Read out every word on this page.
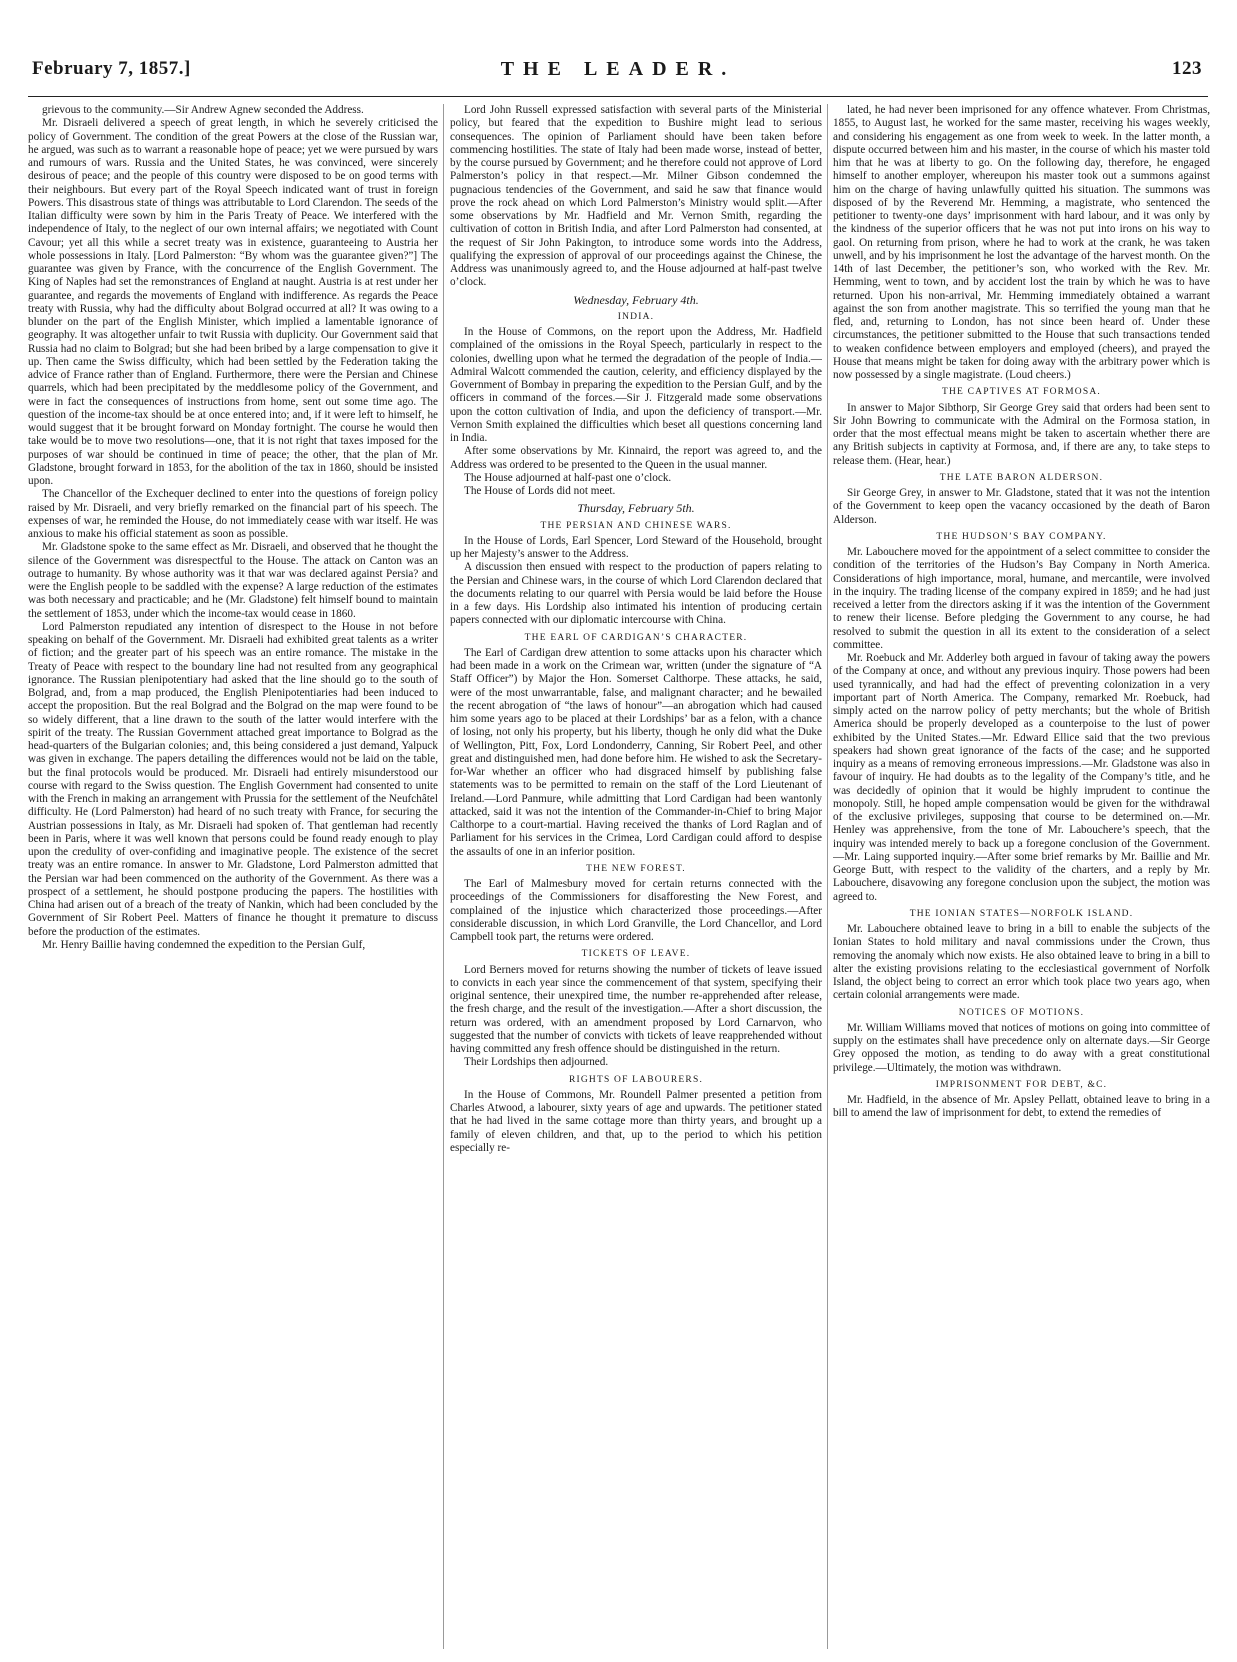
February 7, 1857.]	THE LEADER.	123

grievous to the community.—Sir Andrew Agnew seconded the Address.

Mr. Disraeli delivered a speech of great length, in which he severely criticised the policy of Government. The condition of the great Powers at the close of the Russian war, he argued, was such as to warrant a reasonable hope of peace; yet we were pursued by wars and rumours of wars. Russia and the United States, he was convinced, were sincerely desirous of peace; and the people of this country were disposed to be on good terms with their neighbours. But every part of the Royal Speech indicated want of trust in foreign Powers. This disastrous state of things was attributable to Lord Clarendon. The seeds of the Italian difficulty were sown by him in the Paris Treaty of Peace. We interfered with the independence of Italy, to the neglect of our own internal affairs; we negotiated with Count Cavour; yet all this while a secret treaty was in existence, guaranteeing to Austria her whole possessions in Italy. [Lord Palmerston: “By whom was the guarantee given?”] The guarantee was given by France, with the concurrence of the English Government. The King of Naples had set the remonstrances of England at naught. Austria is at rest under her guarantee, and regards the movements of England with indifference. As regards the Peace treaty with Russia, why had the difficulty about Bolgrad occurred at all? It was owing to a blunder on the part of the English Minister, which implied a lamentable ignorance of geography. It was altogether unfair to twit Russia with duplicity. Our Government said that Russia had no claim to Bolgrad; but she had been bribed by a large compensation to give it up. Then came the Swiss difficulty, which had been settled by the Federation taking the advice of France rather than of England. Furthermore, there were the Persian and Chinese quarrels, which had been precipitated by the meddlesome policy of the Government, and were in fact the consequences of instructions from home, sent out some time ago. The question of the income-tax should be at once entered into; and, if it were left to himself, he would suggest that it be brought forward on Monday fortnight. The course he would then take would be to move two resolutions—one, that it is not right that taxes imposed for the purposes of war should be continued in time of peace; the other, that the plan of Mr. Gladstone, brought forward in 1853, for the abolition of the tax in 1860, should be insisted upon.

The Chancellor of the Exchequer declined to enter into the questions of foreign policy raised by Mr. Disraeli, and very briefly remarked on the financial part of his speech. The expenses of war, he reminded the House, do not immediately cease with war itself. He was anxious to make his official statement as soon as possible.

Mr. Gladstone spoke to the same effect as Mr. Disraeli, and observed that he thought the silence of the Government was disrespectful to the House. The attack on Canton was an outrage to humanity. By whose authority was it that war was declared against Persia? and were the English people to be saddled with the expense? A large reduction of the estimates was both necessary and practicable; and he (Mr. Gladstone) felt himself bound to maintain the settlement of 1853, under which the income-tax would cease in 1860.

Lord Palmerston repudiated any intention of disrespect to the House in not before speaking on behalf of the Government. Mr. Disraeli had exhibited great talents as a writer of fiction; and the greater part of his speech was an entire romance. The mistake in the Treaty of Peace with respect to the boundary line had not resulted from any geographical ignorance. The Russian plenipotentiary had asked that the line should go to the south of Bolgrad, and, from a map produced, the English Plenipotentiaries had been induced to accept the proposition. But the real Bolgrad and the Bolgrad on the map were found to be so widely different, that a line drawn to the south of the latter would interfere with the spirit of the treaty. The Russian Government attached great importance to Bolgrad as the head-quarters of the Bulgarian colonies; and, this being considered a just demand, Yalpuck was given in exchange. The papers detailing the differences would not be laid on the table, but the final protocols would be produced. Mr. Disraeli had entirely misunderstood our course with regard to the Swiss question. The English Government had consented to unite with the French in making an arrangement with Prussia for the settlement of the Neufchâtel difficulty. He (Lord Palmerston) had heard of no such treaty with France, for securing the Austrian possessions in Italy, as Mr. Disraeli had spoken of. That gentleman had recently been in Paris, where it was well known that persons could be found ready enough to play upon the credulity of over-confiding and imaginative people. The existence of the secret treaty was an entire romance. In answer to Mr. Gladstone, Lord Palmerston admitted that the Persian war had been commenced on the authority of the Government. As there was a prospect of a settlement, he should postpone producing the papers. The hostilities with China had arisen out of a breach of the treaty of Nankin, which had been concluded by the Government of Sir Robert Peel. Matters of finance he thought it premature to discuss before the production of the estimates.

Mr. Henry Baillie having condemned the expedition to the Persian Gulf,

Lord John Russell expressed satisfaction with several parts of the Ministerial policy, but feared that the expedition to Bushire might lead to serious consequences. The opinion of Parliament should have been taken before commencing hostilities. The state of Italy had been made worse, instead of better, by the course pursued by Government; and he therefore could not approve of Lord Palmerston’s policy in that respect.—Mr. Milner Gibson condemned the pugnacious tendencies of the Government, and said he saw that finance would prove the rock ahead on which Lord Palmerston’s Ministry would split.—After some observations by Mr. Hadfield and Mr. Vernon Smith, regarding the cultivation of cotton in British India, and after Lord Palmerston had consented, at the request of Sir John Pakington, to introduce some words into the Address, qualifying the expression of approval of our proceedings against the Chinese, the Address was unanimously agreed to, and the House adjourned at half-past twelve o’clock.

Wednesday, February 4th.

INDIA.

In the House of Commons, on the report upon the Address, Mr. Hadfield complained of the omissions in the Royal Speech, particularly in respect to the colonies, dwelling upon what he termed the degradation of the people of India.—Admiral Walcott commended the caution, celerity, and efficiency displayed by the Government of Bombay in preparing the expedition to the Persian Gulf, and by the officers in command of the forces.—Sir J. Fitzgerald made some observations upon the cotton cultivation of India, and upon the deficiency of transport.—Mr. Vernon Smith explained the difficulties which beset all questions concerning land in India.

After some observations by Mr. Kinnaird, the report was agreed to, and the Address was ordered to be presented to the Queen in the usual manner.

The House adjourned at half-past one o’clock.

The House of Lords did not meet.

Thursday, February 5th.

THE PERSIAN AND CHINESE WARS.

In the House of Lords, Earl Spencer, Lord Steward of the Household, brought up her Majesty’s answer to the Address.

A discussion then ensued with respect to the production of papers relating to the Persian and Chinese wars, in the course of which Lord Clarendon declared that the documents relating to our quarrel with Persia would be laid before the House in a few days. His Lordship also intimated his intention of producing certain papers connected with our diplomatic intercourse with China.

THE EARL OF CARDIGAN’S CHARACTER.

The Earl of Cardigan drew attention to some attacks upon his character which had been made in a work on the Crimean war, written (under the signature of “A Staff Officer”) by Major the Hon. Somerset Calthorpe. These attacks, he said, were of the most unwarrantable, false, and malignant character; and he bewailed the recent abrogation of “the laws of honour”—an abrogation which had caused him some years ago to be placed at their Lordships’ bar as a felon, with a chance of losing, not only his property, but his liberty, though he only did what the Duke of Wellington, Pitt, Fox, Lord Londonderry, Canning, Sir Robert Peel, and other great and distinguished men, had done before him. He wished to ask the Secretary-for-War whether an officer who had disgraced himself by publishing false statements was to be permitted to remain on the staff of the Lord Lieutenant of Ireland.—Lord Panmure, while admitting that Lord Cardigan had been wantonly attacked, said it was not the intention of the Commander-in-Chief to bring Major Calthorpe to a court-martial. Having received the thanks of Lord Raglan and of Parliament for his services in the Crimea, Lord Cardigan could afford to despise the assaults of one in an inferior position.

THE NEW FOREST.

The Earl of Malmesbury moved for certain returns connected with the proceedings of the Commissioners for disafforesting the New Forest, and complained of the injustice which characterized those proceedings.—After considerable discussion, in which Lord Granville, the Lord Chancellor, and Lord Campbell took part, the returns were ordered.

TICKETS OF LEAVE.

Lord Berners moved for returns showing the number of tickets of leave issued to convicts in each year since the commencement of that system, specifying their original sentence, their unexpired time, the number re-apprehended after release, the fresh charge, and the result of the investigation.—After a short discussion, the return was ordered, with an amendment proposed by Lord Carnarvon, who suggested that the number of convicts with tickets of leave reapprehended without having committed any fresh offence should be distinguished in the return.

Their Lordships then adjourned.

RIGHTS OF LABOURERS.

In the House of Commons, Mr. Roundell Palmer presented a petition from Charles Atwood, a labourer, sixty years of age and upwards. The petitioner stated that he had lived in the same cottage more than thirty years, and brought up a family of eleven children, and that, up to the period to which his petition especially re-

lated, he had never been imprisoned for any offence whatever. From Christmas, 1855, to August last, he worked for the same master, receiving his wages weekly, and considering his engagement as one from week to week. In the latter month, a dispute occurred between him and his master, in the course of which his master told him that he was at liberty to go. On the following day, therefore, he engaged himself to another employer, whereupon his master took out a summons against him on the charge of having unlawfully quitted his situation. The summons was disposed of by the Reverend Mr. Hemming, a magistrate, who sentenced the petitioner to twenty-one days’ imprisonment with hard labour, and it was only by the kindness of the superior officers that he was not put into irons on his way to gaol. On returning from prison, where he had to work at the crank, he was taken unwell, and by his imprisonment he lost the advantage of the harvest month. On the 14th of last December, the petitioner’s son, who worked with the Rev. Mr. Hemming, went to town, and by accident lost the train by which he was to have returned. Upon his non-arrival, Mr. Hemming immediately obtained a warrant against the son from another magistrate. This so terrified the young man that he fled, and, returning to London, has not since been heard of. Under these circumstances, the petitioner submitted to the House that such transactions tended to weaken confidence between employers and employed (cheers), and prayed the House that means might be taken for doing away with the arbitrary power which is now possessed by a single magistrate. (Loud cheers.)

THE CAPTIVES AT FORMOSA.

In answer to Major Sibthorp, Sir George Grey said that orders had been sent to Sir John Bowring to communicate with the Admiral on the Formosa station, in order that the most effectual means might be taken to ascertain whether there are any British subjects in captivity at Formosa, and, if there are any, to take steps to release them. (Hear, hear.)

THE LATE BARON ALDERSON.

Sir George Grey, in answer to Mr. Gladstone, stated that it was not the intention of the Government to keep open the vacancy occasioned by the death of Baron Alderson.

THE HUDSON’S BAY COMPANY.

Mr. Labouchere moved for the appointment of a select committee to consider the condition of the territories of the Hudson’s Bay Company in North America. Considerations of high importance, moral, humane, and mercantile, were involved in the inquiry. The trading license of the company expired in 1859; and he had just received a letter from the directors asking if it was the intention of the Government to renew their license. Before pledging the Government to any course, he had resolved to submit the question in all its extent to the consideration of a select committee.

Mr. Roebuck and Mr. Adderley both argued in favour of taking away the powers of the Company at once, and without any previous inquiry. Those powers had been used tyrannically, and had had the effect of preventing colonization in a very important part of North America. The Company, remarked Mr. Roebuck, had simply acted on the narrow policy of petty merchants; but the whole of British America should be properly developed as a counterpoise to the lust of power exhibited by the United States.—Mr. Edward Ellice said that the two previous speakers had shown great ignorance of the facts of the case; and he supported inquiry as a means of removing erroneous impressions.—Mr. Gladstone was also in favour of inquiry. He had doubts as to the legality of the Company’s title, and he was decidedly of opinion that it would be highly imprudent to continue the monopoly. Still, he hoped ample compensation would be given for the withdrawal of the exclusive privileges, supposing that course to be determined on.—Mr. Henley was apprehensive, from the tone of Mr. Labouchere’s speech, that the inquiry was intended merely to back up a foregone conclusion of the Government.—Mr. Laing supported inquiry.—After some brief remarks by Mr. Baillie and Mr. George Butt, with respect to the validity of the charters, and a reply by Mr. Labouchere, disavowing any foregone conclusion upon the subject, the motion was agreed to.

THE IONIAN STATES—NORFOLK ISLAND.

Mr. Labouchere obtained leave to bring in a bill to enable the subjects of the Ionian States to hold military and naval commissions under the Crown, thus removing the anomaly which now exists. He also obtained leave to bring in a bill to alter the existing provisions relating to the ecclesiastical government of Norfolk Island, the object being to correct an error which took place two years ago, when certain colonial arrangements were made.

NOTICES OF MOTIONS.

Mr. William Williams moved that notices of motions on going into committee of supply on the estimates shall have precedence only on alternate days.—Sir George Grey opposed the motion, as tending to do away with a great constitutional privilege.—Ultimately, the motion was withdrawn.

IMPRISONMENT FOR DEBT, &C.

Mr. Hadfield, in the absence of Mr. Apsley Pellatt, obtained leave to bring in a bill to amend the law of imprisonment for debt, to extend the remedies of
